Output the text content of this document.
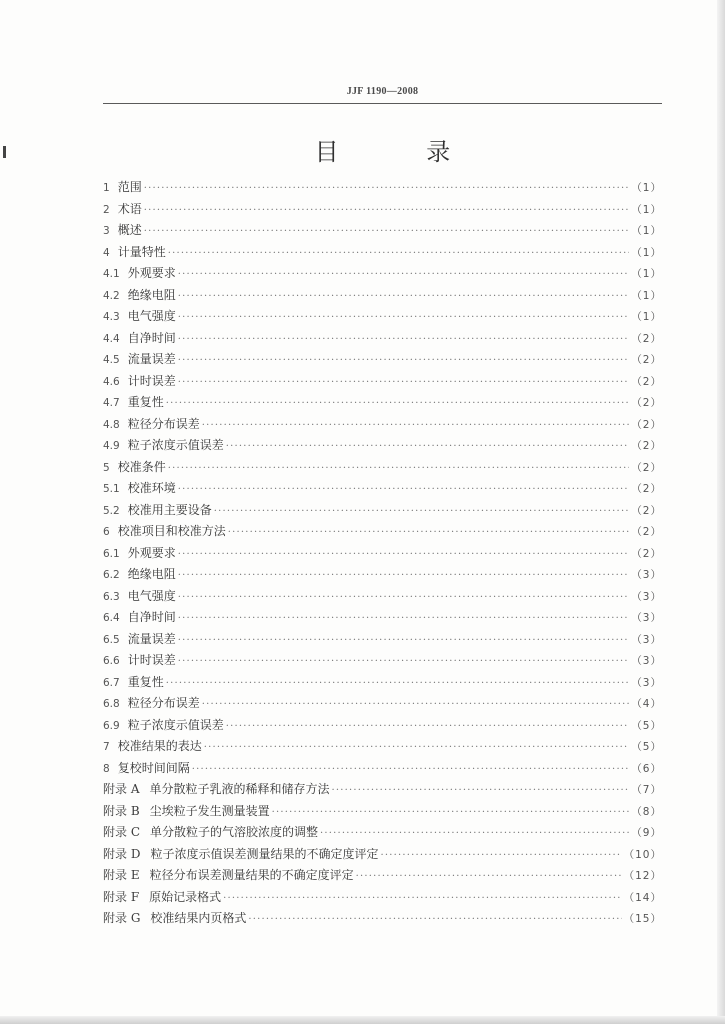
JJF 1190—2008
目 录
1 范围 ·····	（1）
2 术语 ·····	（1）
3 概述 ·····	（1）
4 计量特性 ·····	（1）
4.1 外观要求 ·····	（1）
4.2 绝缘电阻 ·····	（1）
4.3 电气强度 ·····	（1）
4.4 自净时间 ·····	（2）
4.5 流量误差 ·····	（2）
4.6 计时误差 ·····	（2）
4.7 重复性 ·····	（2）
4.8 粒径分布误差 ·····	（2）
4.9 粒子浓度示值误差 ·····	（2）
5 校准条件 ·····	（2）
5.1 校准环境 ·····	（2）
5.2 校准用主要设备 ·····	（2）
6 校准项目和校准方法 ·····	（2）
6.1 外观要求 ·····	（2）
6.2 绝缘电阻 ·····	（3）
6.3 电气强度 ·····	（3）
6.4 自净时间 ·····	（3）
6.5 流量误差 ·····	（3）
6.6 计时误差 ·····	（3）
6.7 重复性 ·····	（3）
6.8 粒径分布误差 ·····	（4）
6.9 粒子浓度示值误差 ·····	（5）
7 校准结果的表达 ·····	（5）
8 复校时间间隔 ·····	（6）
附录 A 单分散粒子乳液的稀释和储存方法 ·····	（7）
附录 B 尘埃粒子发生测量装置 ·····	（8）
附录 C 单分散粒子的气溶胶浓度的调整 ·····	（9）
附录 D 粒子浓度示值误差测量结果的不确定度评定 ·····	（10）
附录 E 粒径分布误差测量结果的不确定度评定 ·····	（12）
附录 F 原始记录格式 ·····	（14）
附录 G 校准结果内页格式 ·····	（15）
